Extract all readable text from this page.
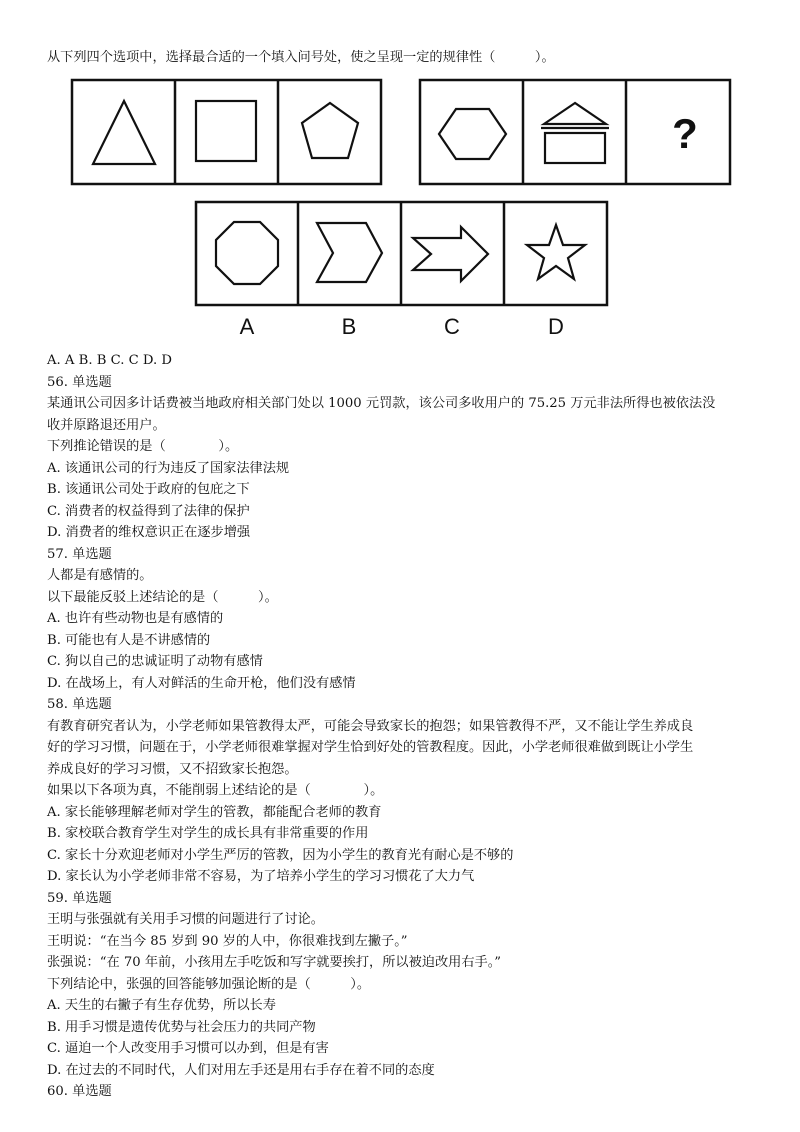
从下列四个选项中，选择最合适的一个填入问号处，使之呈现一定的规律性（　　　）。
?
A	B	C	D

A. A B. B C. C D. D

56. 单选题

某通讯公司因多计话费被当地政府相关部门处以 1000 元罚款，该公司多收用户的 75.25 万元非法所得也被依法没

收并原路退还用户。

下列推论错误的是（　　　　）。

A. 该通讯公司的行为违反了国家法律法规

B. 该通讯公司处于政府的包庇之下

C. 消费者的权益得到了法律的保护

D. 消费者的维权意识正在逐步增强

57. 单选题

人都是有感情的。

以下最能反驳上述结论的是（　　　）。

A. 也许有些动物也是有感情的

B. 可能也有人是不讲感情的

C. 狗以自己的忠诚证明了动物有感情

D. 在战场上，有人对鲜活的生命开枪，他们没有感情

58. 单选题

有教育研究者认为，小学老师如果管教得太严，可能会导致家长的抱怨；如果管教得不严，又不能让学生养成良

好的学习习惯，问题在于，小学老师很难掌握对学生恰到好处的管教程度。因此，小学老师很难做到既让小学生

养成良好的学习习惯，又不招致家长抱怨。

如果以下各项为真，不能削弱上述结论的是（　　　　）。

A. 家长能够理解老师对学生的管教，都能配合老师的教育

B. 家校联合教育学生对学生的成长具有非常重要的作用

C. 家长十分欢迎老师对小学生严厉的管教，因为小学生的教育光有耐心是不够的

D. 家长认为小学老师非常不容易，为了培养小学生的学习习惯花了大力气

59. 单选题

王明与张强就有关用手习惯的问题进行了讨论。

王明说：“在当今 85 岁到 90 岁的人中，你很难找到左撇子。”

张强说：“在 70 年前，小孩用左手吃饭和写字就要挨打，所以被迫改用右手。”

下列结论中，张强的回答能够加强论断的是（　　　）。

A. 天生的右撇子有生存优势，所以长寿

B. 用手习惯是遗传优势与社会压力的共同产物

C. 逼迫一个人改变用手习惯可以办到，但是有害

D. 在过去的不同时代，人们对用左手还是用右手存在着不同的态度

60. 单选题
